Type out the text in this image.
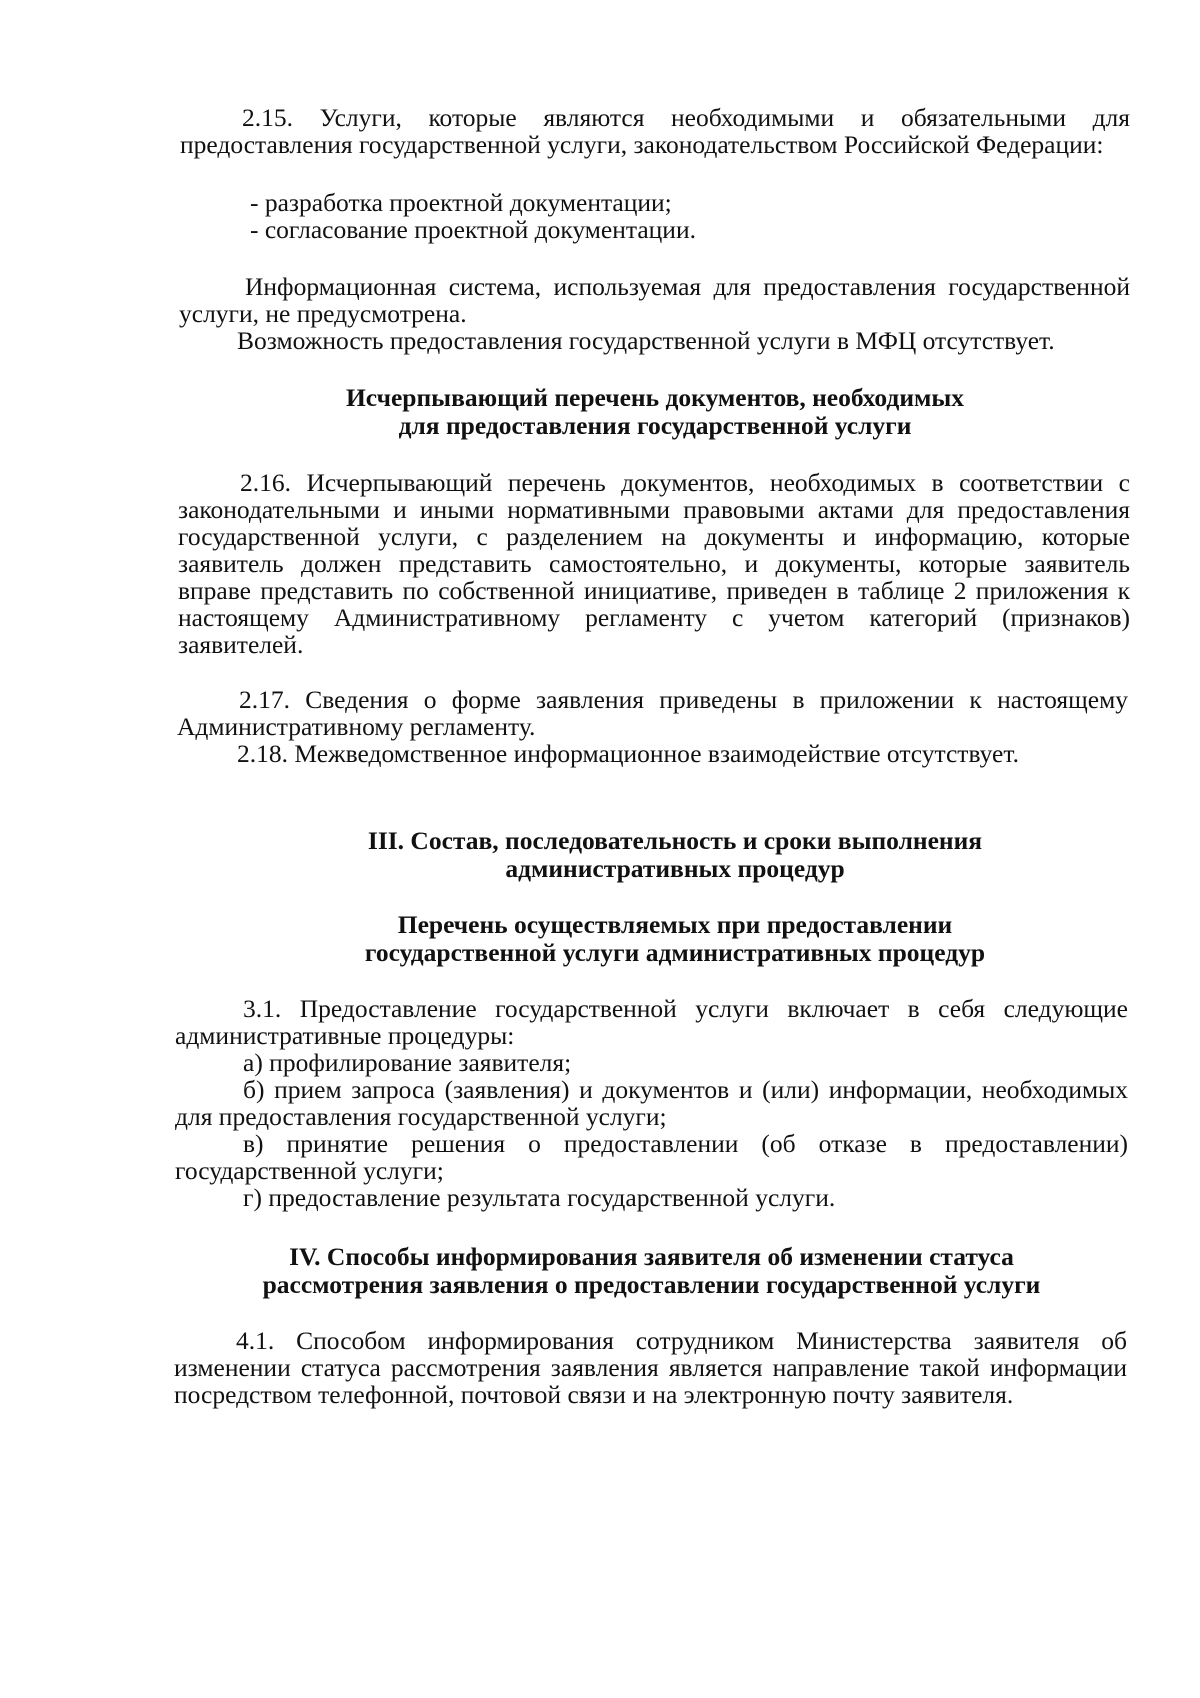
2.15. Услуги, которые являются необходимыми и обязательными для предоставления государственной услуги, законодательством Российской Федерации:

- разработка проектной документации;

- согласование проектной документации.

Информационная система, используемая для предоставления государственной услуги, не предусмотрена.

Возможность предоставления государственной услуги в МФЦ отсутствует.

Исчерпывающий перечень документов, необходимых
для предоставления государственной услуги

2.16. Исчерпывающий перечень документов, необходимых в соответствии с законодательными и иными нормативными правовыми актами для предоставления государственной услуги, с разделением на документы и информацию, которые заявитель должен представить самостоятельно, и документы, которые заявитель вправе представить по собственной инициативе, приведен в таблице 2 приложения к настоящему Административному регламенту с учетом категорий (признаков) заявителей.

2.17. Сведения о форме заявления приведены в приложении к настоящему Административному регламенту.

2.18. Межведомственное информационное взаимодействие отсутствует.

III. Состав, последовательность и сроки выполнения
административных процедур
Перечень осуществляемых при предоставлении
государственной услуги административных процедур

3.1. Предоставление государственной услуги включает в себя следующие административные процедуры:

а) профилирование заявителя;

б) прием запроса (заявления) и документов и (или) информации, необходимых для предоставления государственной услуги;

в) принятие решения о предоставлении (об отказе в предоставлении) государственной услуги;

г) предоставление результата государственной услуги.

IV. Способы информирования заявителя об изменении статуса
рассмотрения заявления о предоставлении государственной услуги

4.1. Способом информирования сотрудником Министерства заявителя об изменении статуса рассмотрения заявления является направление такой информации посредством телефонной, почтовой связи и на электронную почту заявителя.
